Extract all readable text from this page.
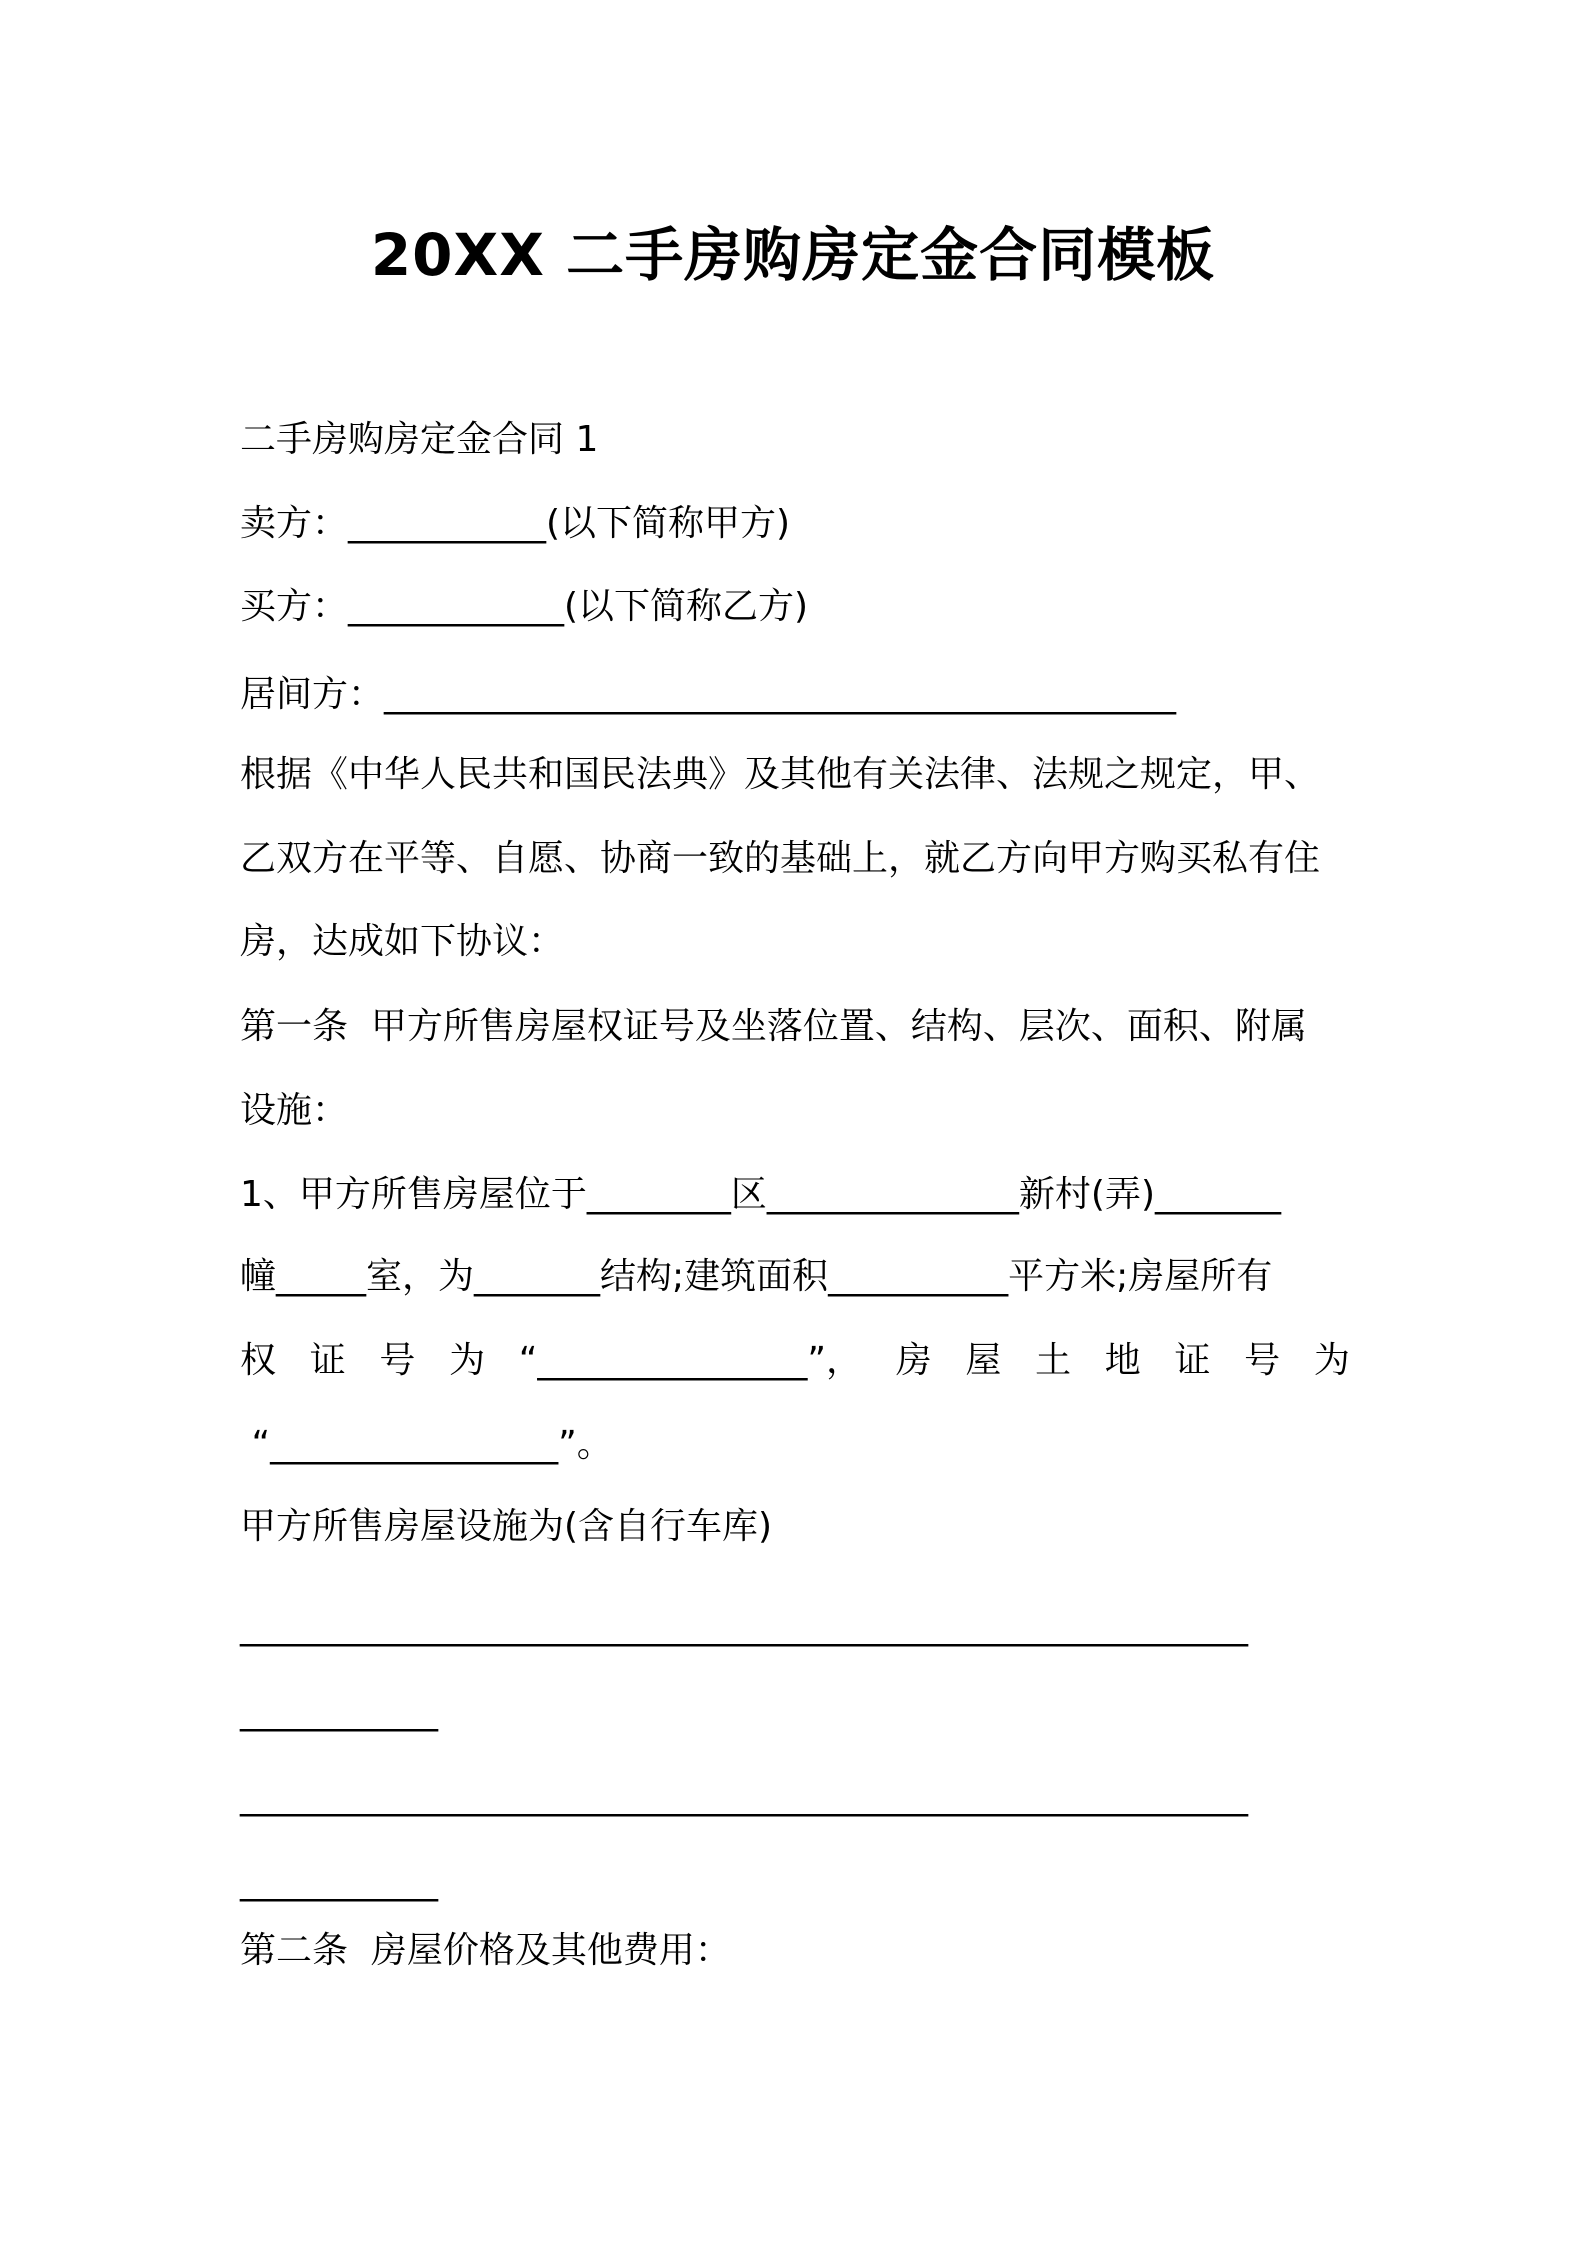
20XX 二手房购房定金合同模板
二手房购房定金合同 1
卖方：___________(以下简称甲方)
买方：____________(以下简称乙方)
居间方：____________________________________________
根据《中华人民共和国民法典》及其他有关法律、法规之规定，甲、
乙双方在平等、自愿、协商一致的基础上，就乙方向甲方购买私有住
房，达成如下协议：
第一条  甲方所售房屋权证号及坐落位置、结构、层次、面积、附属
设施：
1、甲方所售房屋位于________区______________新村(弄)_______
幢_____室，为_______结构;建筑面积__________平方米;房屋所有
权 证 号 为 “_______________”， 房 屋 土 地 证 号 为
“________________”。
甲方所售房屋设施为(含自行车库)
________________________________________________________
___________
________________________________________________________
___________
第二条  房屋价格及其他费用：
